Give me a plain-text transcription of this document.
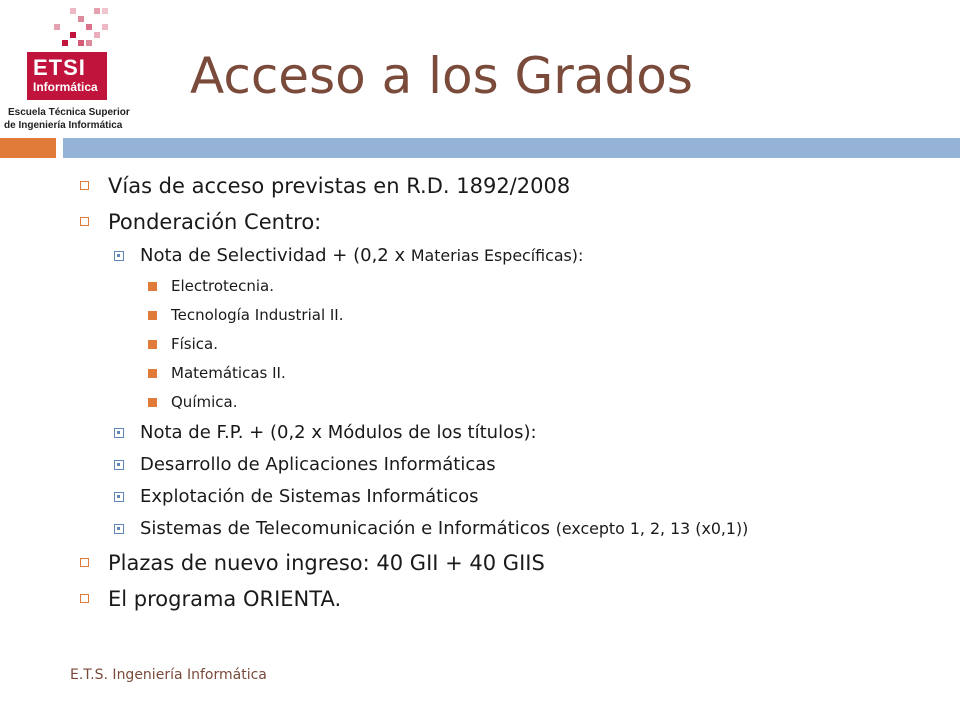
ETSI
Informática
Escuela Técnica Superior
de Ingeniería Informática
Acceso a los Grados
Vías de acceso previstas en R.D. 1892/2008
Ponderación Centro:
Nota de Selectividad + (0,2 x Materias Específicas):
Electrotecnia.
Tecnología Industrial II.
Física.
Matemáticas II.
Química.
Nota de F.P. + (0,2 x Módulos de los títulos):
Desarrollo de Aplicaciones Informáticas
Explotación de Sistemas Informáticos
Sistemas de Telecomunicación e Informáticos (excepto 1, 2, 13 (x0,1))
Plazas de nuevo ingreso: 40 GII + 40 GIIS
El programa ORIENTA.
E.T.S. Ingeniería Informática
